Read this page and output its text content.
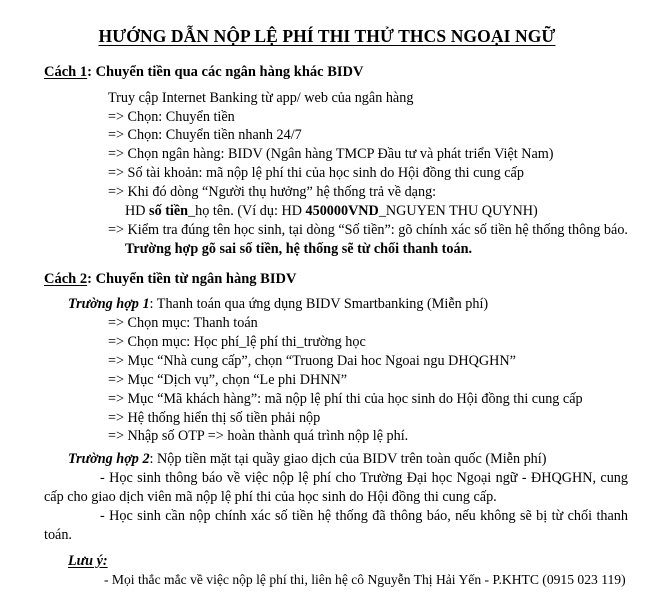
HƯỚNG DẪN NỘP LỆ PHÍ THI THỬ THCS NGOẠI NGỮ

Cách 1: Chuyển tiền qua các ngân hàng khác BIDV

Truy cập Internet Banking từ app/ web của ngân hàng

=> Chọn: Chuyển tiền

=> Chọn: Chuyển tiền nhanh 24/7

=> Chọn ngân hàng: BIDV (Ngân hàng TMCP Đầu tư và phát triển Việt Nam)

=> Số tài khoản: mã nộp lệ phí thi của học sinh do Hội đồng thi cung cấp

=> Khi đó dòng “Người thụ hưởng” hệ thống trả về dạng:

HD số tiền_họ tên. (Ví dụ: HD 450000VND_NGUYEN THU QUYNH)

=> Kiểm tra đúng tên học sinh, tại dòng “Số tiền”: gõ chính xác số tiền hệ thống thông báo.

Trường hợp gõ sai số tiền, hệ thống sẽ từ chối thanh toán.

Cách 2: Chuyển tiền từ ngân hàng BIDV

Trường hợp 1: Thanh toán qua ứng dụng BIDV Smartbanking (Miễn phí)

=> Chọn mục: Thanh toán

=> Chọn mục: Học phí_lệ phí thi_trường học

=> Mục “Nhà cung cấp”, chọn “Truong Dai hoc Ngoai ngu DHQGHN”

=> Mục “Dịch vụ”, chọn “Le phi DHNN”

=> Mục “Mã khách hàng”: mã nộp lệ phí thi của học sinh do Hội đồng thi cung cấp

=> Hệ thống hiển thị số tiền phải nộp

=> Nhập số OTP => hoàn thành quá trình nộp lệ phí.

Trường hợp 2: Nộp tiền mặt tại quầy giao dịch của BIDV trên toàn quốc (Miễn phí)

- Học sinh thông báo về việc nộp lệ phí cho Trường Đại học Ngoại ngữ - ĐHQGHN, cung cấp cho giao dịch viên mã nộp lệ phí thi của học sinh do Hội đồng thi cung cấp.

- Học sinh cần nộp chính xác số tiền hệ thống đã thông báo, nếu không sẽ bị từ chối thanh toán.

Lưu ý:

- Mọi thắc mắc về việc nộp lệ phí thi, liên hệ cô Nguyễn Thị Hải Yến - P.KHTC (0915 023 119)
